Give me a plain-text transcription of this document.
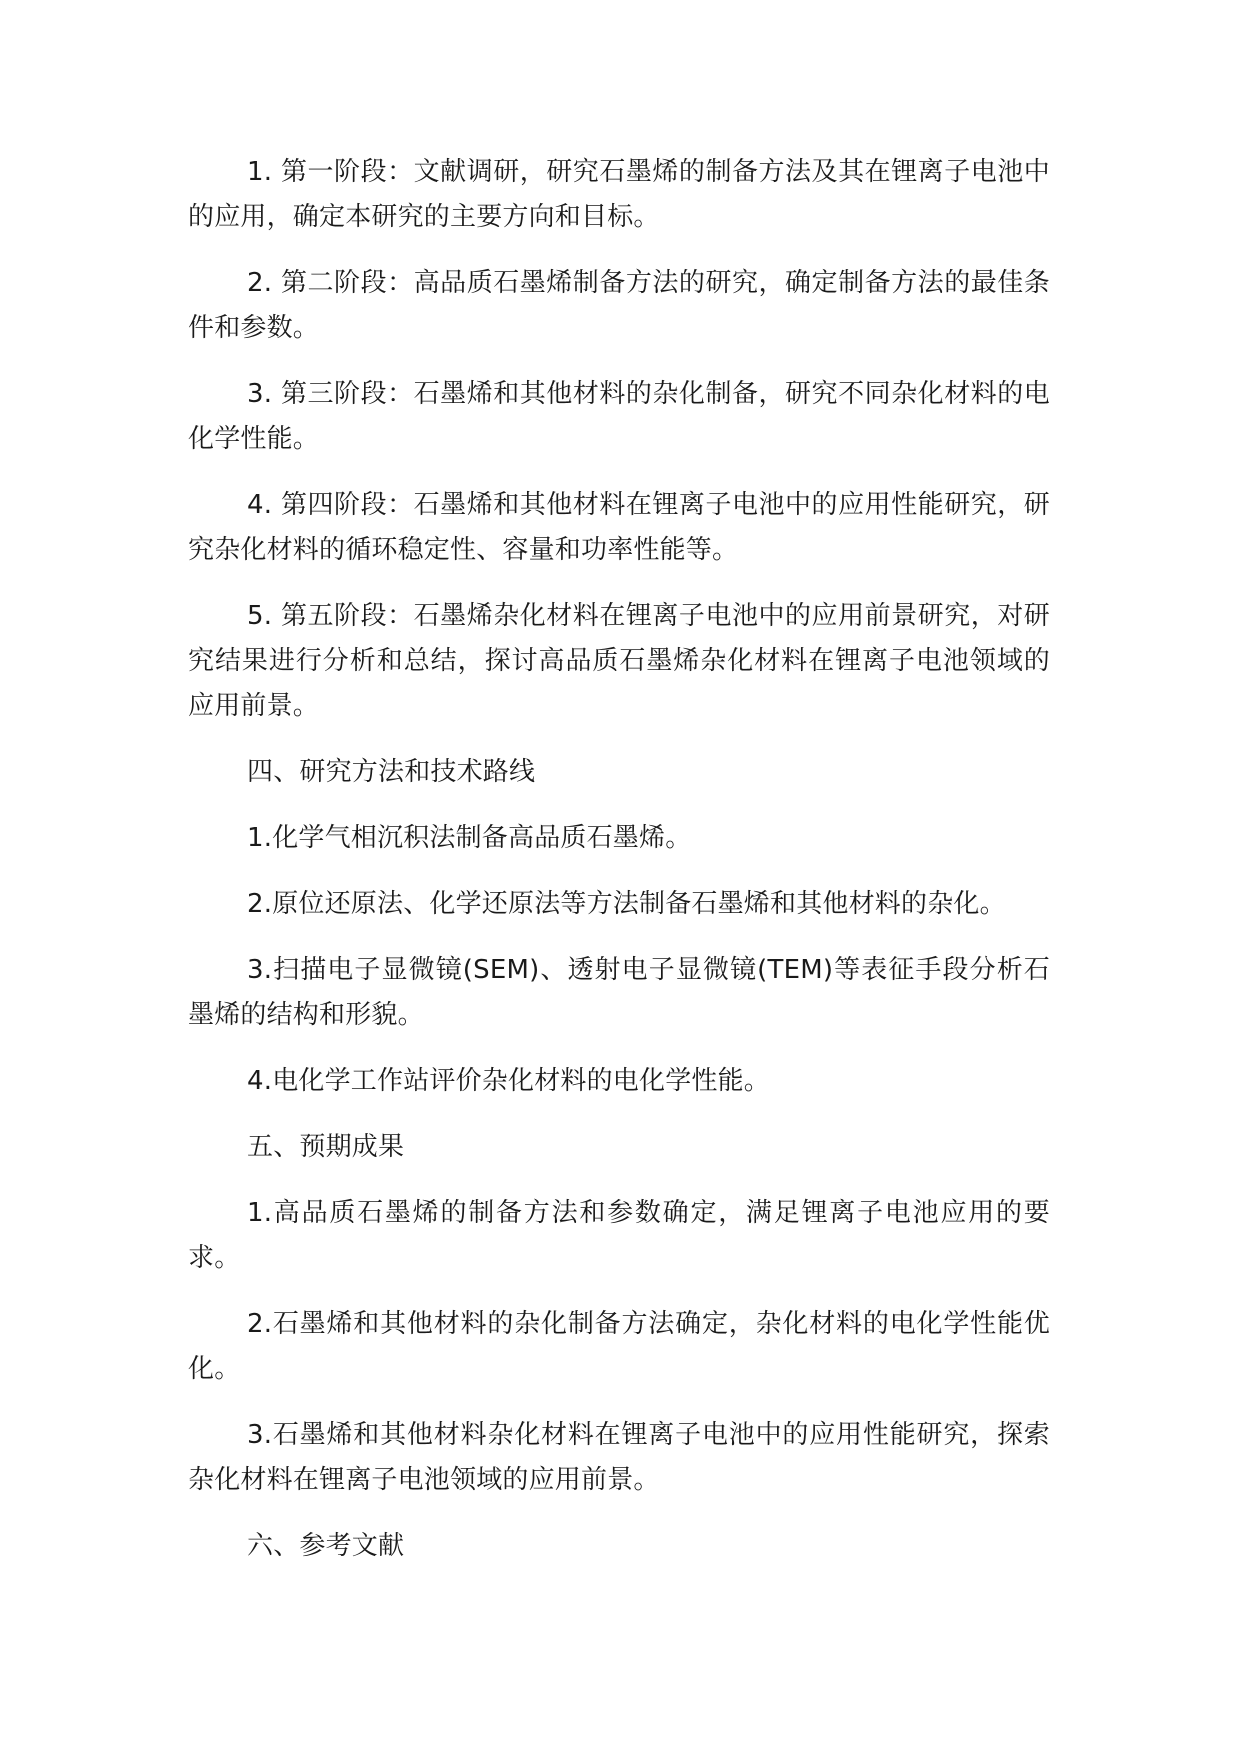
1. 第一阶段：文献调研，研究石墨烯的制备方法及其在锂离子电池中的应用，确定本研究的主要方向和目标。

2. 第二阶段：高品质石墨烯制备方法的研究，确定制备方法的最佳条件和参数。

3. 第三阶段：石墨烯和其他材料的杂化制备，研究不同杂化材料的电化学性能。

4. 第四阶段：石墨烯和其他材料在锂离子电池中的应用性能研究，研究杂化材料的循环稳定性、容量和功率性能等。

5. 第五阶段：石墨烯杂化材料在锂离子电池中的应用前景研究，对研究结果进行分析和总结，探讨高品质石墨烯杂化材料在锂离子电池领域的应用前景。

四、研究方法和技术路线

1.化学气相沉积法制备高品质石墨烯。

2.原位还原法、化学还原法等方法制备石墨烯和其他材料的杂化。

3.扫描电子显微镜(SEM)、透射电子显微镜(TEM)等表征手段分析石墨烯的结构和形貌。

4.电化学工作站评价杂化材料的电化学性能。

五、预期成果

1.高品质石墨烯的制备方法和参数确定，满足锂离子电池应用的要求。

2.石墨烯和其他材料的杂化制备方法确定，杂化材料的电化学性能优化。

3.石墨烯和其他材料杂化材料在锂离子电池中的应用性能研究，探索杂化材料在锂离子电池领域的应用前景。

六、参考文献
